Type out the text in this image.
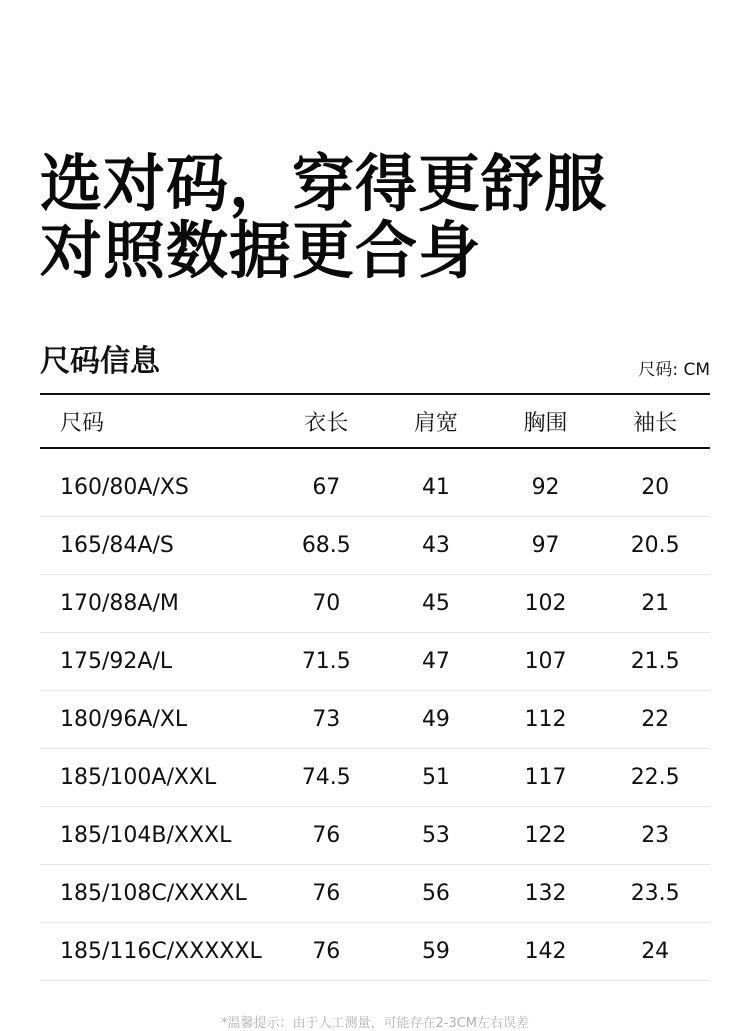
选对码，穿得更舒服
对照数据更合身
尺码信息	尺码: CM
尺码	衣长	肩宽	胸围	袖长
160/80A/XS	67	41	92	20
165/84A/S	68.5	43	97	20.5
170/88A/M	70	45	102	21
175/92A/L	71.5	47	107	21.5
180/96A/XL	73	49	112	22
185/100A/XXL	74.5	51	117	22.5
185/104B/XXXL	76	53	122	23
185/108C/XXXXL	76	56	132	23.5
185/116C/XXXXXL	76	59	142	24
*温馨提示：由于人工测量，可能存在2-3CM左右误差
